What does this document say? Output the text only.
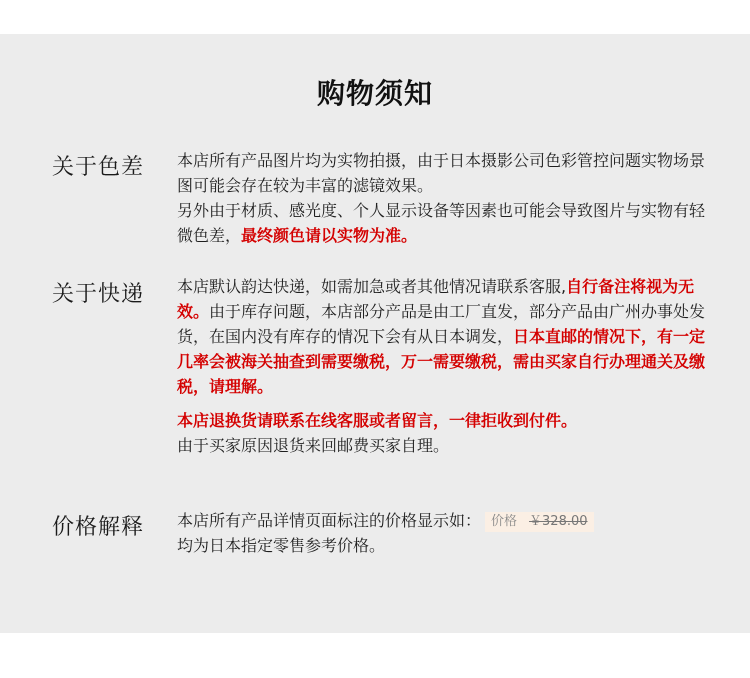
购物须知
关于色差 本店所有产品图片均为实物拍摄，由于日本摄影公司色彩管控问题实物场景图可能会存在较为丰富的滤镜效果。

另外由于材质、感光度、个人显示设备等因素也可能会导致图片与实物有轻微色差，最终颜色请以实物为准。

关于快递 本店默认韵达快递，如需加急或者其他情况请联系客服,自行备注将视为无效。由于库存问题，本店部分产品是由工厂直发，部分产品由广州办事处发货，在国内没有库存的情况下会有从日本调发，日本直邮的情况下，有一定几率会被海关抽查到需要缴税，万一需要缴税，需由买家自行办理通关及缴税，请理解。

本店退换货请联系在线客服或者留言，一律拒收到付件。

由于买家原因退货来回邮费买家自理。

价格解释 本店所有产品详情页面标注的价格显示如： 价格 ￥328.00

均为日本指定零售参考价格。
